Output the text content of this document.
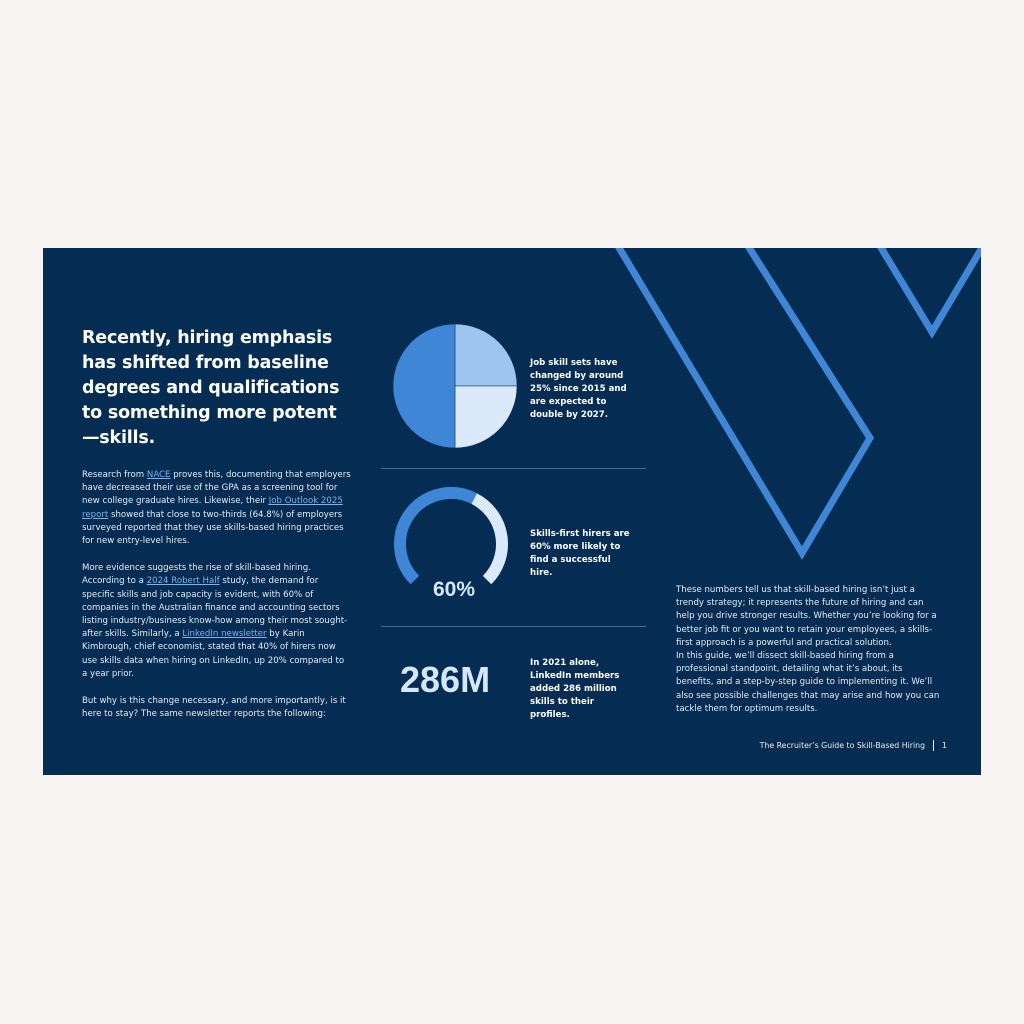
Recently, hiring emphasis has shifted from baseline degrees and qualifications to something more potent—skills.

Research from NACE proves this, documenting that employers have decreased their use of the GPA as a screening tool for new college graduate hires. Likewise, their Job Outlook 2025 report showed that close to two-thirds (64.8%) of employers surveyed reported that they use skills-based hiring practices for new entry-level hires.

More evidence suggests the rise of skill-based hiring. According to a 2024 Robert Half study, the demand for specific skills and job capacity is evident, with 60% of companies in the Australian finance and accounting sectors listing industry/business know-how among their most sought-after skills. Similarly, a LinkedIn newsletter by Karin Kimbrough, chief economist, stated that 40% of hirers now use skills data when hiring on LinkedIn, up 20% compared to a year prior.

But why is this change necessary, and more importantly, is it here to stay? The same newsletter reports the following:

Job skill sets have changed by around 25% since 2015 and are expected to double by 2027.
60%
Skills-first hirers are 60% more likely to find a successful hire.
286M	In 2021 alone, LinkedIn members added 286 million skills to their profiles.

These numbers tell us that skill-based hiring isn’t just a trendy strategy; it represents the future of hiring and can help you drive stronger results. Whether you’re looking for a better job fit or you want to retain your employees, a skills-first approach is a powerful and practical solution.

In this guide, we’ll dissect skill-based hiring from a professional standpoint, detailing what it’s about, its benefits, and a step-by-step guide to implementing it. We’ll also see possible challenges that may arise and how you can tackle them for optimum results.

The Recruiter’s Guide to Skill-Based Hiring 1
